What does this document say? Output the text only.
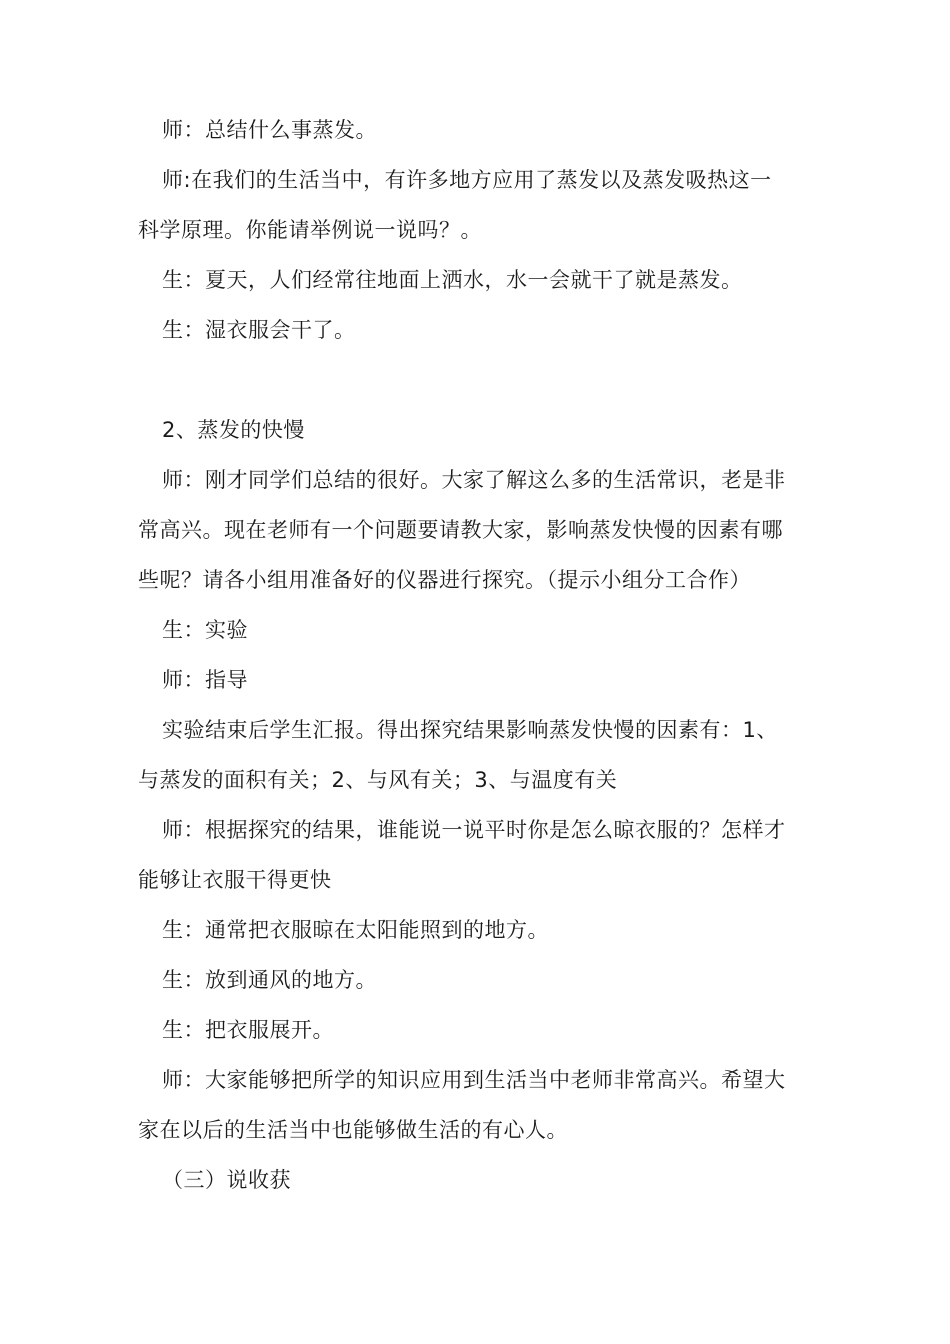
师：总结什么事蒸发。
师:在我们的生活当中，有许多地方应用了蒸发以及蒸发吸热这一
科学原理。你能请举例说一说吗？。
生：夏天，人们经常往地面上洒水，水一会就干了就是蒸发。
生：湿衣服会干了。
2、蒸发的快慢
师：刚才同学们总结的很好。大家了解这么多的生活常识，老是非
常高兴。现在老师有一个问题要请教大家，影响蒸发快慢的因素有哪
些呢？请各小组用准备好的仪器进行探究。（提示小组分工合作）
生：实验
师：指导
实验结束后学生汇报。得出探究结果影响蒸发快慢的因素有：1、
与蒸发的面积有关；2、与风有关；3、与温度有关
师：根据探究的结果，谁能说一说平时你是怎么晾衣服的？怎样才
能够让衣服干得更快
生：通常把衣服晾在太阳能照到的地方。
生：放到通风的地方。
生：把衣服展开。
师：大家能够把所学的知识应用到生活当中老师非常高兴。希望大
家在以后的生活当中也能够做生活的有心人。
（三）说收获
